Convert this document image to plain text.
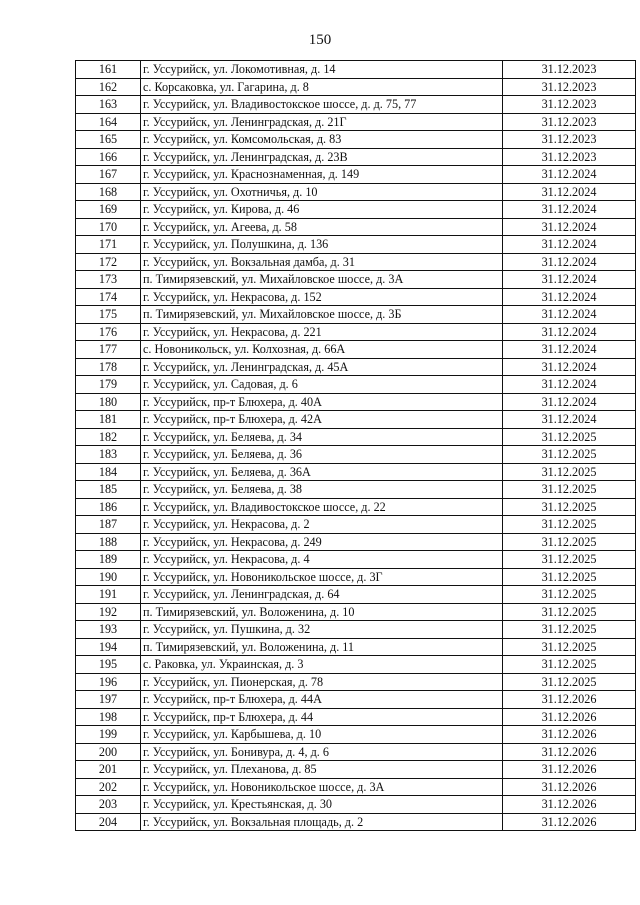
150
161	г. Уссурийск, ул. Локомотивная, д. 14	31.12.2023
162	с. Корсаковка, ул. Гагарина, д. 8	31.12.2023
163	г. Уссурийск, ул. Владивостокское шоссе, д. д. 75, 77	31.12.2023
164	г. Уссурийск, ул. Ленинградская, д. 21Г	31.12.2023
165	г. Уссурийск, ул. Комсомольская, д. 83	31.12.2023
166	г. Уссурийск, ул. Ленинградская, д. 23В	31.12.2023
167	г. Уссурийск, ул. Краснознаменная, д. 149	31.12.2024
168	г. Уссурийск, ул. Охотничья, д. 10	31.12.2024
169	г. Уссурийск, ул. Кирова, д. 46	31.12.2024
170	г. Уссурийск, ул. Агеева, д. 58	31.12.2024
171	г. Уссурийск, ул. Полушкина, д. 136	31.12.2024
172	г. Уссурийск, ул. Вокзальная дамба, д. 31	31.12.2024
173	п. Тимирязевский, ул. Михайловское шоссе, д. 3А	31.12.2024
174	г. Уссурийск, ул. Некрасова, д. 152	31.12.2024
175	п. Тимирязевский, ул. Михайловское шоссе, д. 3Б	31.12.2024
176	г. Уссурийск, ул. Некрасова, д. 221	31.12.2024
177	с. Новоникольск, ул. Колхозная, д. 66А	31.12.2024
178	г. Уссурийск, ул. Ленинградская, д. 45А	31.12.2024
179	г. Уссурийск, ул. Садовая, д. 6	31.12.2024
180	г. Уссурийск, пр-т Блюхера, д. 40А	31.12.2024
181	г. Уссурийск, пр-т Блюхера, д. 42А	31.12.2024
182	г. Уссурийск, ул. Беляева, д. 34	31.12.2025
183	г. Уссурийск, ул. Беляева, д. 36	31.12.2025
184	г. Уссурийск, ул. Беляева, д. 36А	31.12.2025
185	г. Уссурийск, ул. Беляева, д. 38	31.12.2025
186	г. Уссурийск, ул. Владивостокское шоссе, д. 22	31.12.2025
187	г. Уссурийск, ул. Некрасова, д. 2	31.12.2025
188	г. Уссурийск, ул. Некрасова, д. 249	31.12.2025
189	г. Уссурийск, ул. Некрасова, д. 4	31.12.2025
190	г. Уссурийск, ул. Новоникольское шоссе, д. 3Г	31.12.2025
191	г. Уссурийск, ул. Ленинградская, д. 64	31.12.2025
192	п. Тимирязевский, ул. Воложенина, д. 10	31.12.2025
193	г. Уссурийск, ул. Пушкина, д. 32	31.12.2025
194	п. Тимирязевский, ул. Воложенина, д. 11	31.12.2025
195	с. Раковка, ул. Украинская, д. 3	31.12.2025
196	г. Уссурийск, ул. Пионерская, д. 78	31.12.2025
197	г. Уссурийск, пр-т Блюхера, д. 44А	31.12.2026
198	г. Уссурийск, пр-т Блюхера, д. 44	31.12.2026
199	г. Уссурийск, ул. Карбышева, д. 10	31.12.2026
200	г. Уссурийск, ул. Бонивура, д. 4, д. 6	31.12.2026
201	г. Уссурийск, ул. Плеханова, д. 85	31.12.2026
202	г. Уссурийск, ул. Новоникольское шоссе, д. 3А	31.12.2026
203	г. Уссурийск, ул. Крестьянская, д. 30	31.12.2026
204	г. Уссурийск, ул. Вокзальная площадь, д. 2	31.12.2026
